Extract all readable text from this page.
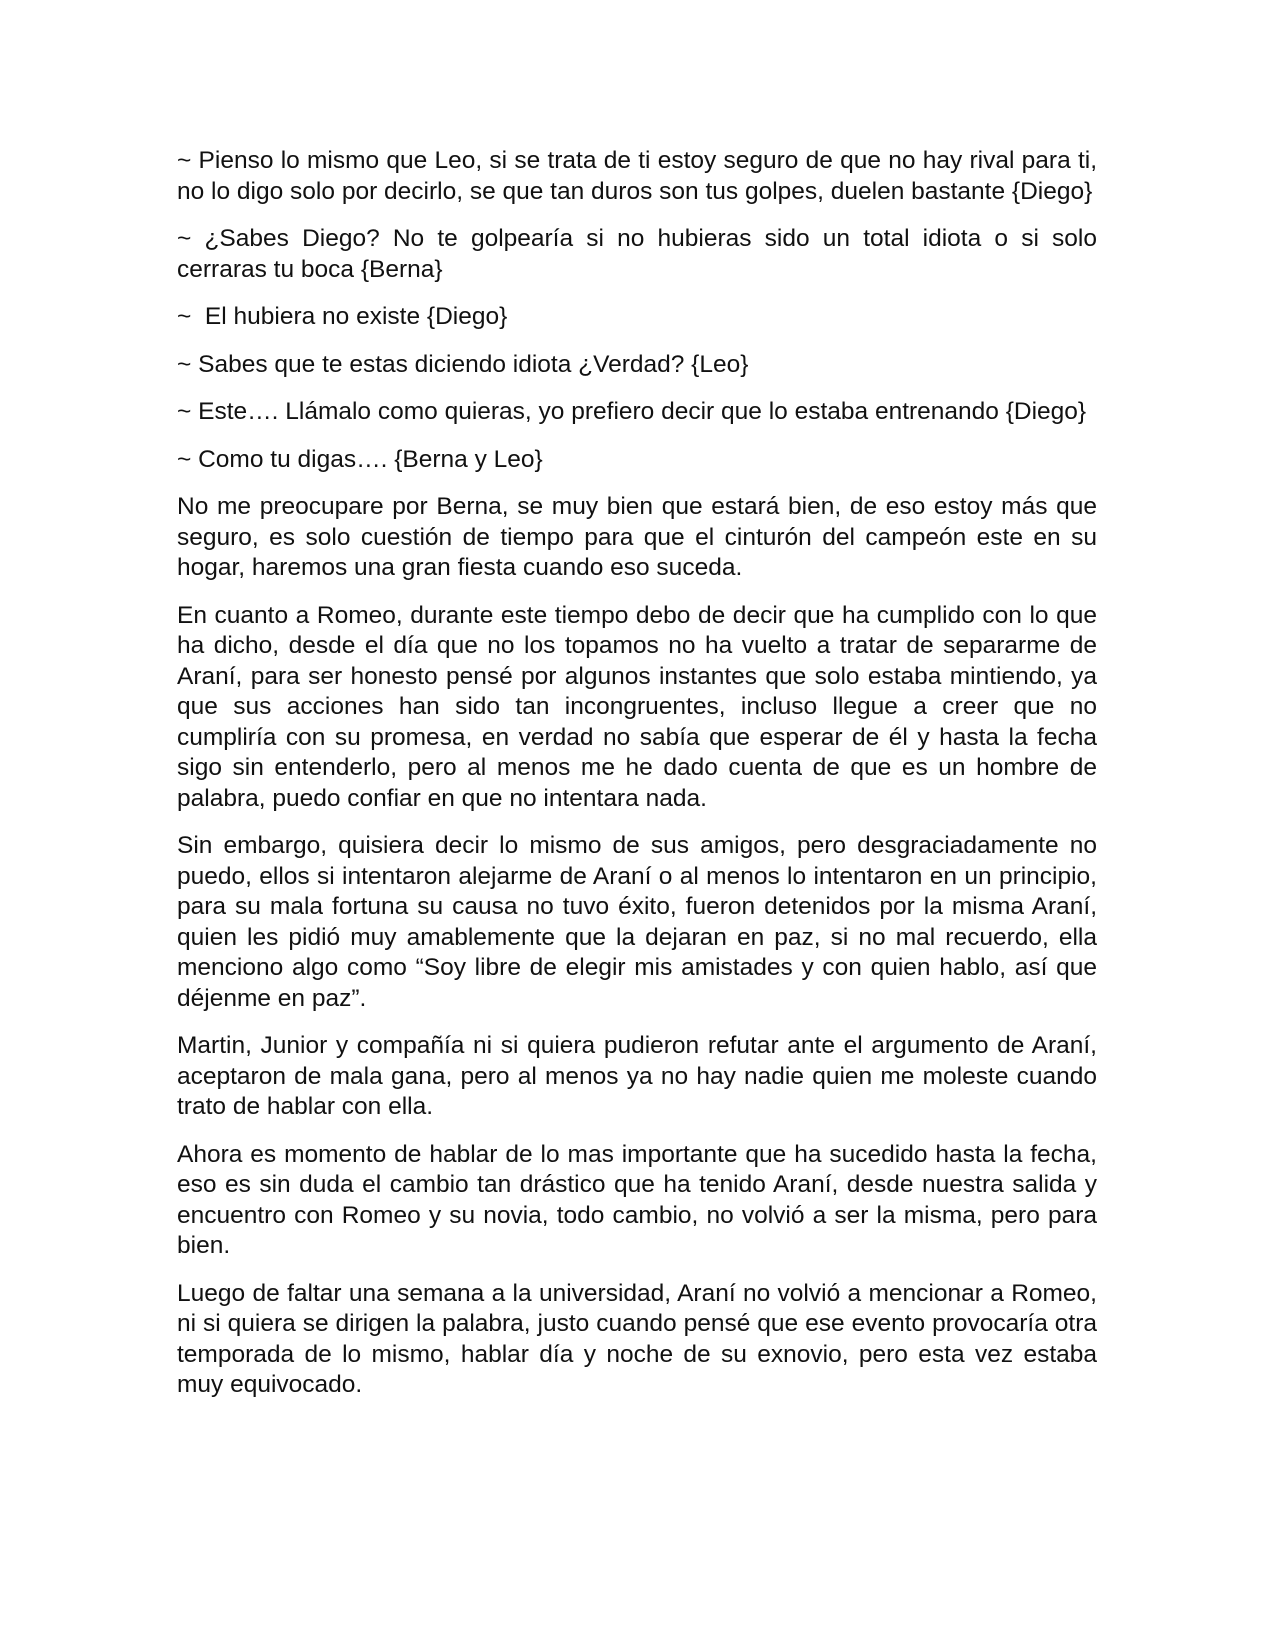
~ Pienso lo mismo que Leo, si se trata de ti estoy seguro de que no hay rival para ti, no lo digo solo por decirlo, se que tan duros son tus golpes, duelen bastante {Diego}

~ ¿Sabes Diego? No te golpearía si no hubieras sido un total idiota o si solo cerraras tu boca {Berna}

~  El hubiera no existe {Diego}

~ Sabes que te estas diciendo idiota ¿Verdad? {Leo}

~ Este…. Llámalo como quieras, yo prefiero decir que lo estaba entrenando {Diego}

~ Como tu digas…. {Berna y Leo}

No me preocupare por Berna, se muy bien que estará bien, de eso estoy más que seguro, es solo cuestión de tiempo para que el cinturón del campeón este en su hogar, haremos una gran fiesta cuando eso suceda.

En cuanto a Romeo, durante este tiempo debo de decir que ha cumplido con lo que ha dicho, desde el día que no los topamos no ha vuelto a tratar de separarme de Araní, para ser honesto pensé por algunos instantes que solo estaba mintiendo, ya que sus acciones han sido tan incongruentes, incluso llegue a creer que no cumpliría con su promesa, en verdad no sabía que esperar de él y hasta la fecha sigo sin entenderlo, pero al menos me he dado cuenta de que es un hombre de palabra, puedo confiar en que no intentara nada.

Sin embargo, quisiera decir lo mismo de sus amigos, pero desgraciadamente no puedo, ellos si intentaron alejarme de Araní o al menos lo intentaron en un principio, para su mala fortuna su causa no tuvo éxito, fueron detenidos por la misma Araní, quien les pidió muy amablemente que la dejaran en paz, si no mal recuerdo, ella menciono algo como “Soy libre de elegir mis amistades y con quien hablo, así que déjenme en paz”.

Martin, Junior y compañía ni si quiera pudieron refutar ante el argumento de Araní, aceptaron de mala gana, pero al menos ya no hay nadie quien me moleste cuando trato de hablar con ella.

Ahora es momento de hablar de lo mas importante que ha sucedido hasta la fecha, eso es sin duda el cambio tan drástico que ha tenido Araní, desde nuestra salida y encuentro con Romeo y su novia, todo cambio, no volvió a ser la misma, pero para bien.

Luego de faltar una semana a la universidad, Araní no volvió a mencionar a Romeo, ni si quiera se dirigen la palabra, justo cuando pensé que ese evento provocaría otra temporada de lo mismo, hablar día y noche de su exnovio, pero esta vez estaba muy equivocado.
